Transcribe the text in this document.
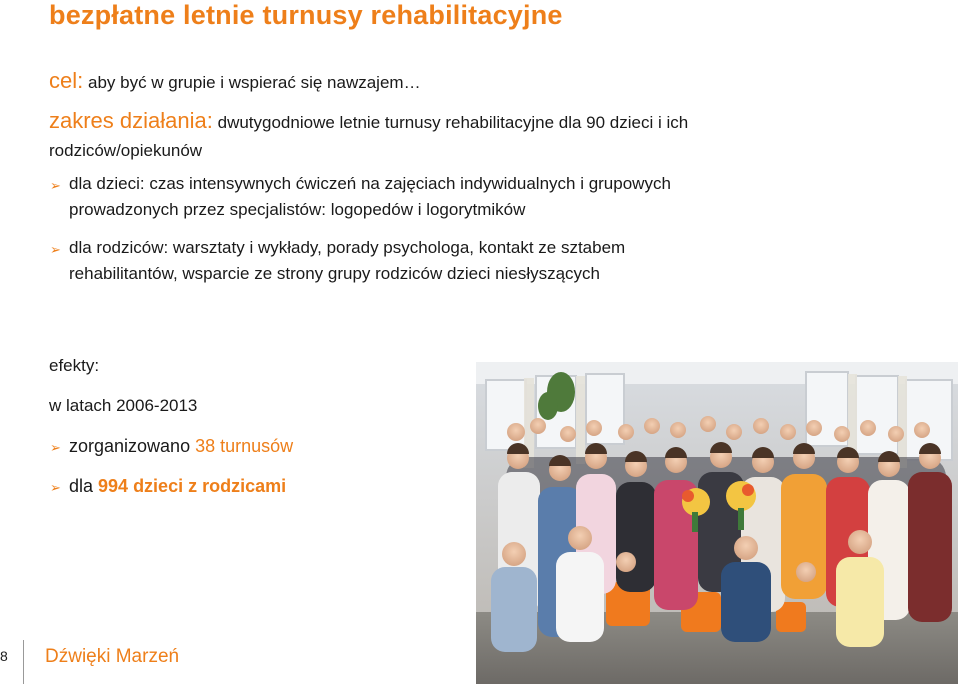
bezpłatne letnie turnusy rehabilitacyjne
cel: aby być w grupie i wspierać się nawzajem…
zakres działania: dwutygodniowe letnie turnusy rehabilitacyjne dla 90 dzieci i ich
rodziców/opiekunów
➢ dla dzieci: czas intensywnych ćwiczeń na zajęciach indywidualnych i grupowych
prowadzonych przez specjalistów: logopedów i logorytmików
➢ dla rodziców: warsztaty i wykłady, porady psychologa, kontakt ze sztabem
rehabilitantów, wsparcie ze strony grupy rodziców dzieci niesłyszących
efekty:
w latach 2006-2013
➢ zorganizowano 38 turnusów
➢ dla 994 dzieci z rodzicami
8 Dźwięki Marzeń
